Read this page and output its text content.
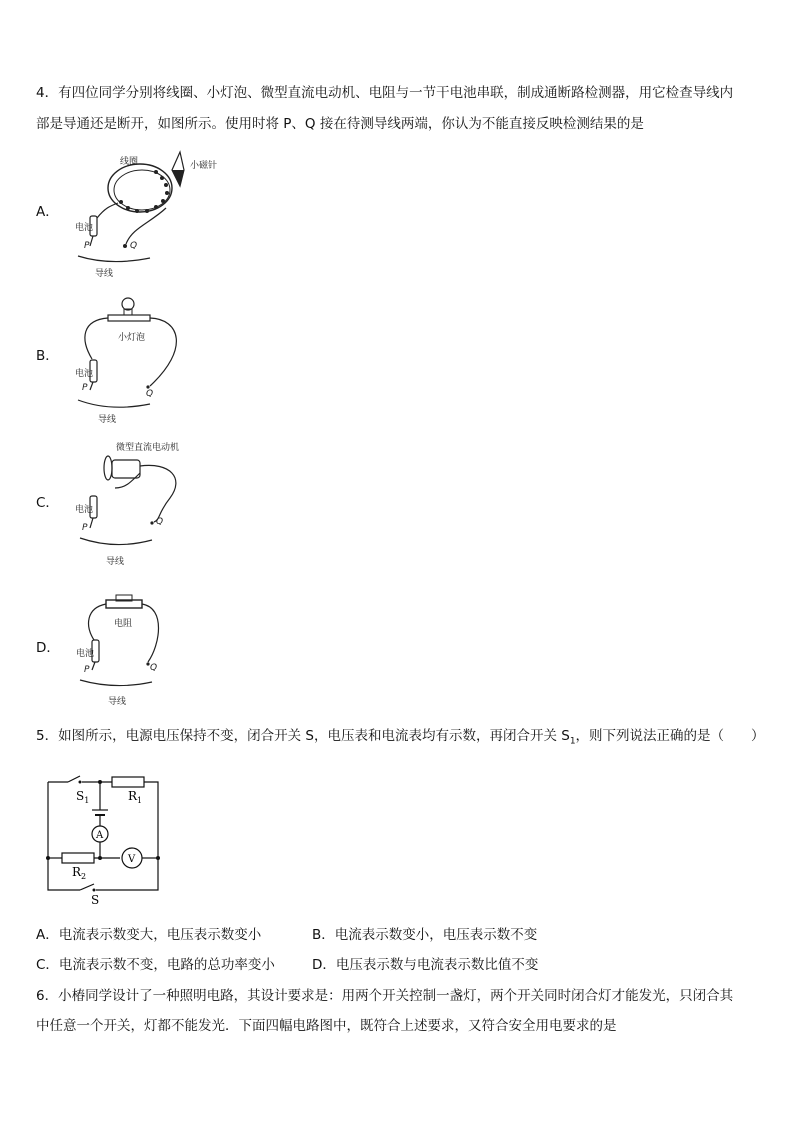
4．有四位同学分别将线圈、小灯泡、微型直流电动机、电阻与一节干电池串联，制成通断路检测器，用它检查导线内
部是导通还是断开，如图所示。使用时将 P、Q 接在待测导线两端，你认为不能直接反映检测结果的是
A．
线圈	小磁针
电池
P	Q
导线
B．
小灯泡
电池
P
Q
导线
C．
微型直流电动机
电池
P
Q
导线
D．
电阻
电池
P	Q
导线
5．如图所示，电源电压保持不变，闭合开关 S，电压表和电流表均有示数，再闭合开关 $S_1$，则下列说法正确的是（　　）
$S_1$	$R_1$
$R_2$
A
V
S
A．电流表示数变大，电压表示数变小	B．电流表示数变小，电压表示数不变
C．电流表示数不变，电路的总功率变小	D．电压表示数与电流表示数比值不变
6．小椿同学设计了一种照明电路，其设计要求是：用两个开关控制一盏灯，两个开关同时闭合灯才能发光，只闭合其
中任意一个开关，灯都不能发光．下面四幅电路图中，既符合上述要求，又符合安全用电要求的是
